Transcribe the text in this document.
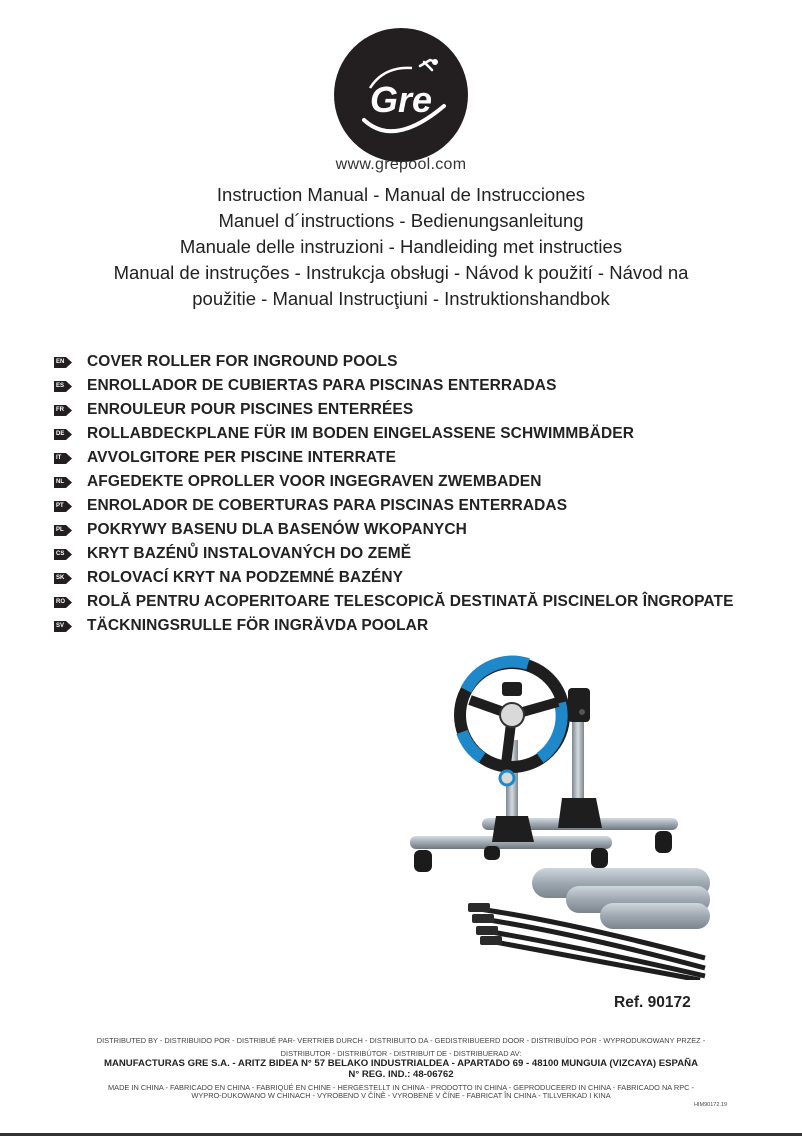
Gre
www.grepool.com
Instruction Manual - Manual de Instrucciones
Manuel d´instructions - Bedienungsanleitung
Manuale delle instruzioni - Handleiding met instructies
Manual de instruções - Instrukcja obsługi - Návod k použití - Návod na
použitie - Manual Instrucţiuni - Instruktionshandbok
EN COVER ROLLER FOR INGROUND POOLS
ES ENROLLADOR DE CUBIERTAS PARA PISCINAS ENTERRADAS
FR ENROULEUR POUR PISCINES ENTERRÉES
DE ROLLABDECKPLANE FÜR IM BODEN EINGELASSENE SCHWIMMBÄDER
IT AVVOLGITORE PER PISCINE INTERRATE
NL AFGEDEKTE OPROLLER VOOR INGEGRAVEN ZWEMBADEN
PT ENROLADOR DE COBERTURAS PARA PISCINAS ENTERRADAS
PL POKRYWY BASENU DLA BASENÓW WKOPANYCH
CS KRYT BAZÉNŮ INSTALOVANÝCH DO ZEMĚ
SK ROLOVACÍ KRYT NA PODZEMNÉ BAZÉNY
RO ROLĂ PENTRU ACOPERITOARE TELESCOPICĂ DESTINATĂ PISCINELOR ÎNGROPATE
SV TÄCKNINGSRULLE FÖR INGRÄVDA POOLAR
Ref. 90172
DISTRIBUTED BY - DISTRIBUIDO POR - DISTRIBUÉ PAR- VERTRIEB DURCH - DISTRIBUITO DA - GEDISTRIBUEERD DOOR - DISTRIBUÍDO POR - WYPRODUKOWANY PRZEZ -
DISTRIBUTOR - DISTRIBÚTOR - DISTRIBUIT DE - DISTRIBUERAD AV:
MANUFACTURAS GRE S.A. - ARITZ BIDEA N° 57 BELAKO INDUSTRIALDEA - APARTADO 69 - 48100 MUNGUIA (VIZCAYA) ESPAÑA
N° REG. IND.: 48-06762
MADE IN CHINA - FABRICADO EN CHINA - FABRIQUÉ EN CHINE - HERGESTELLT IN CHINA - PRODOTTO IN CHINA - GEPRODUCEERD IN CHINA - FABRICADO NA RPC -
WYPRO-DUKOWANO W CHINACH - VYROBENO V ČÍNĚ - VYROBENÉ V ČÍNE - FABRICAT ÎN CHINA - TILLVERKAD I KINA
HIM90172.19
